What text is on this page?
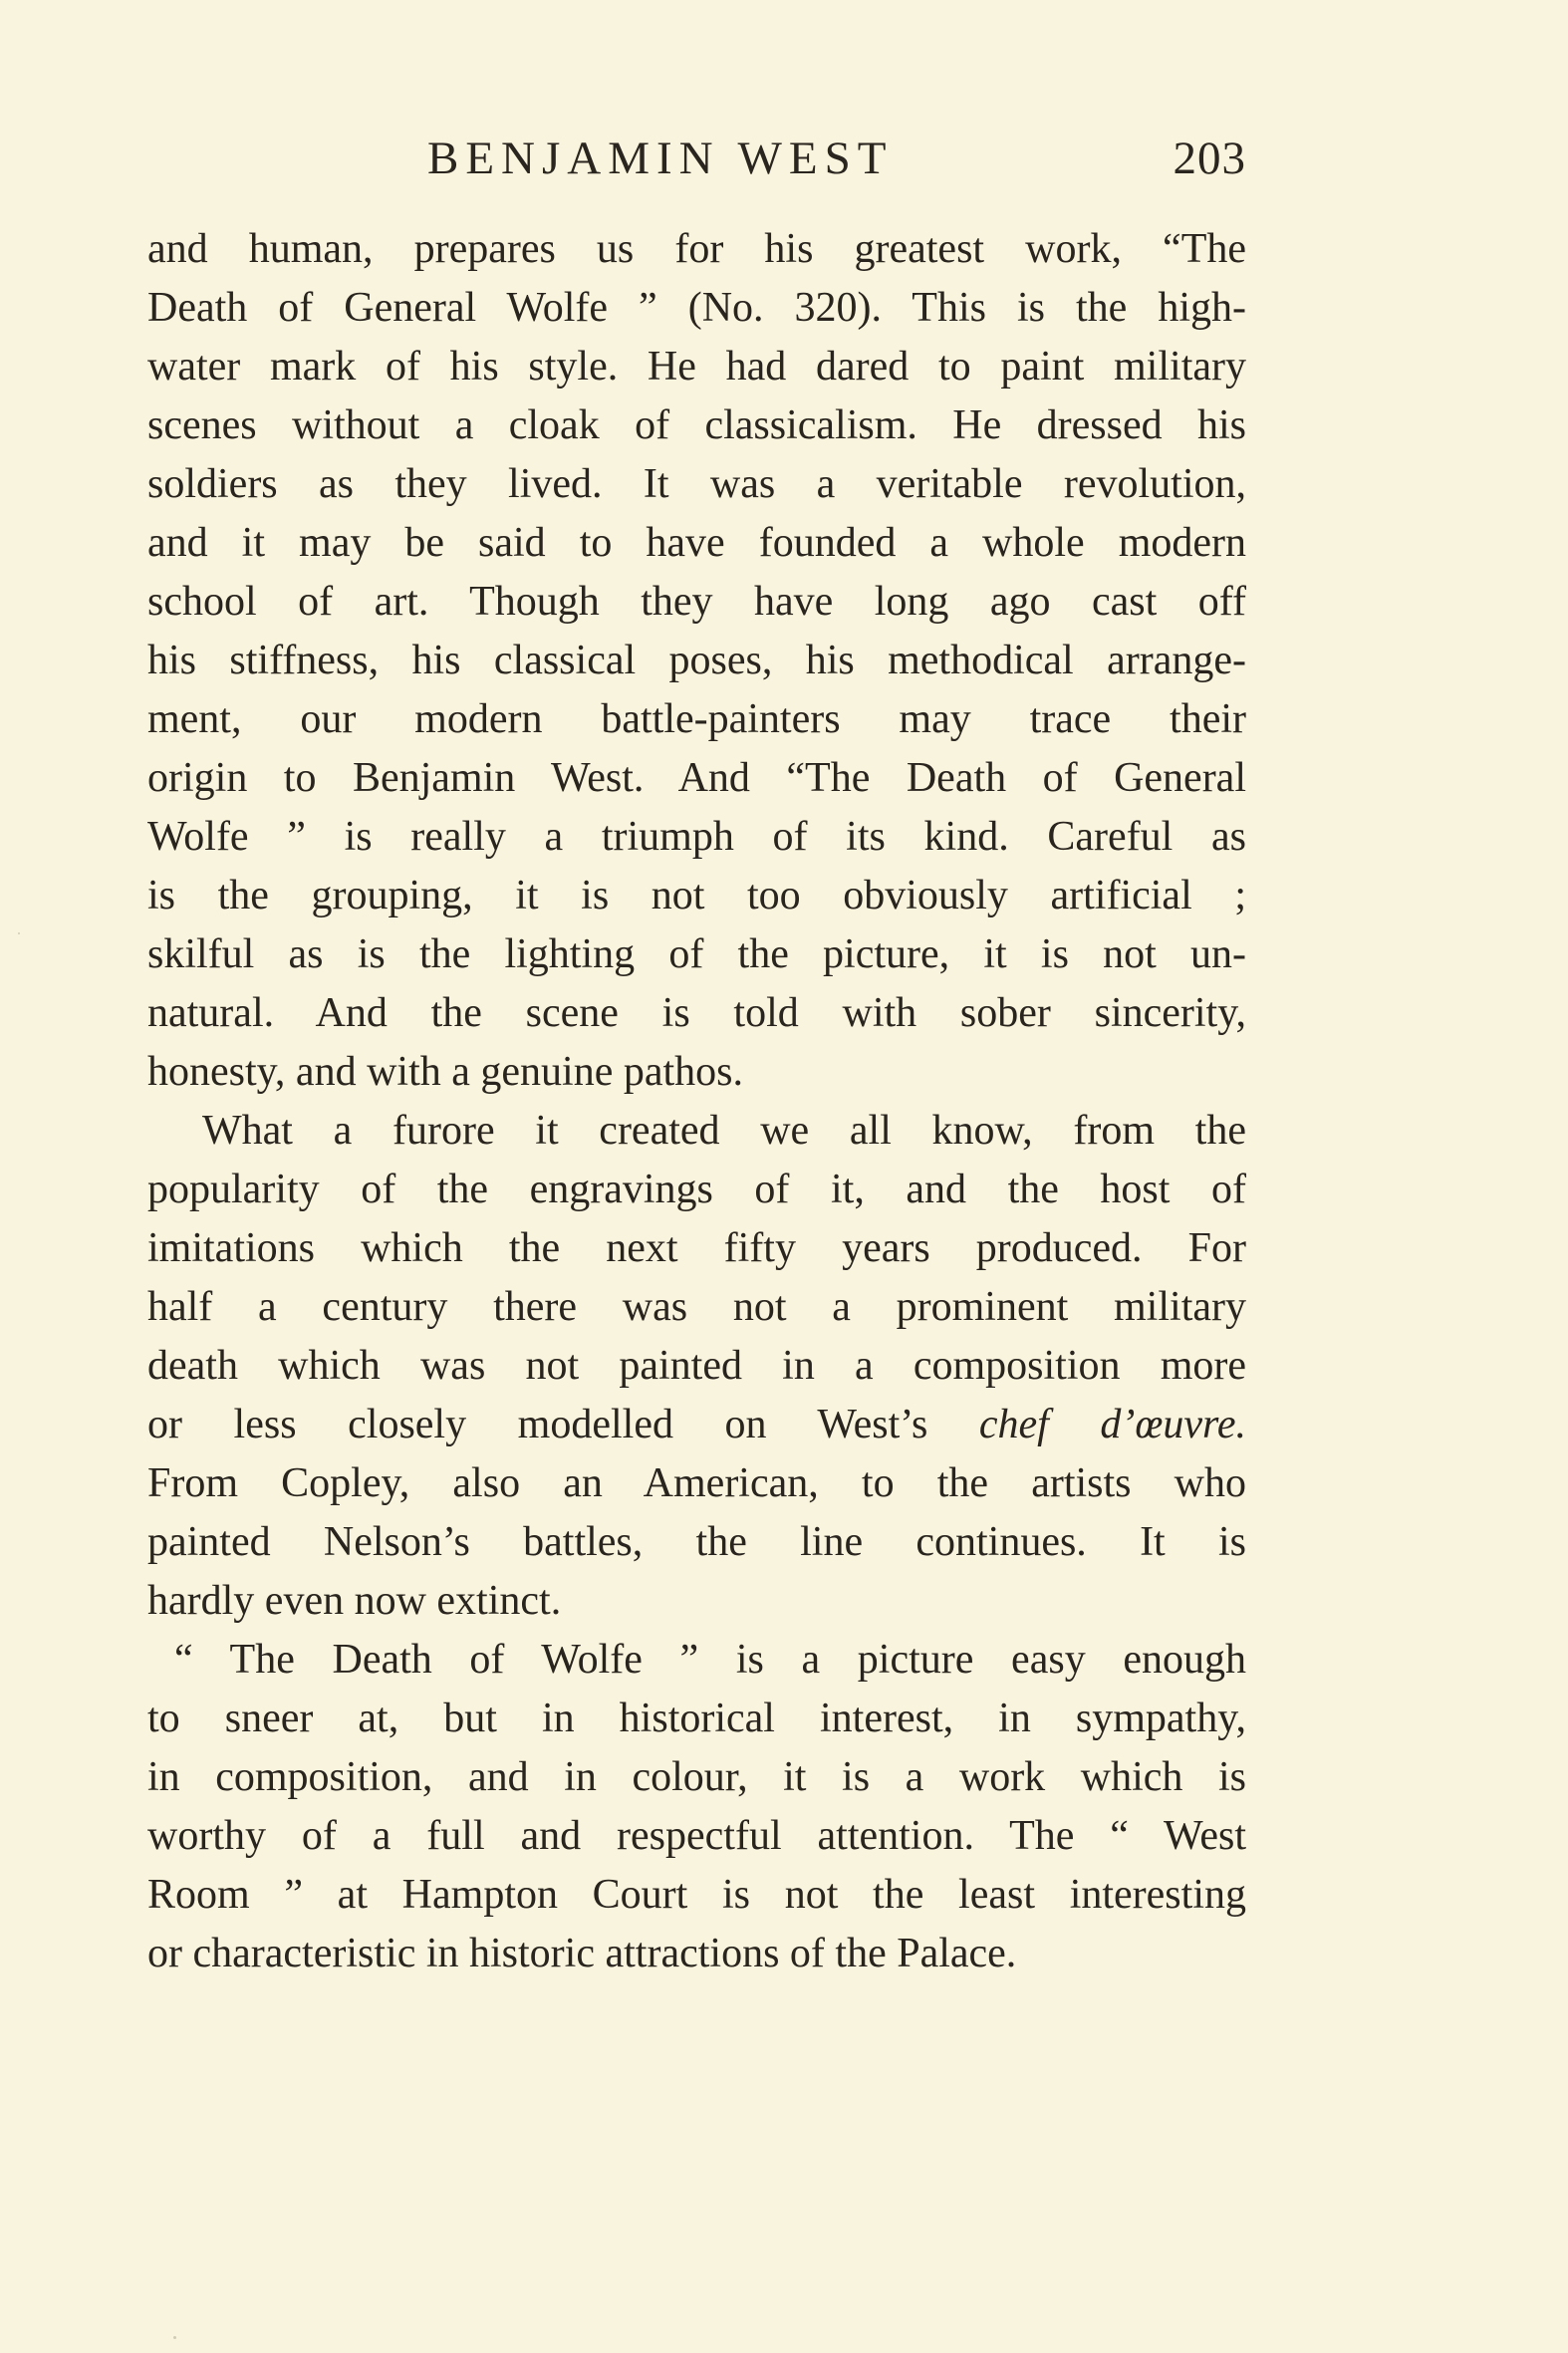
BENJAMIN WEST	203
and human, prepares us for his greatest work, “The
Death of General Wolfe ” (No. 320). This is the high-
water mark of his style. He had dared to paint military
scenes without a cloak of classicalism. He dressed his
soldiers as they lived. It was a veritable revolution,
and it may be said to have founded a whole modern
school of art. Though they have long ago cast off
his stiffness, his classical poses, his methodical arrange-
ment, our modern battle-painters may trace their
origin to Benjamin West. And “The Death of General
Wolfe ” is really a triumph of its kind. Careful as
is the grouping, it is not too obviously artificial ;
skilful as is the lighting of the picture, it is not un-
natural. And the scene is told with sober sincerity,
honesty, and with a genuine pathos.
What a furore it created we all know, from the
popularity of the engravings of it, and the host of
imitations which the next fifty years produced. For
half a century there was not a prominent military
death which was not painted in a composition more
or less closely modelled on West’s chef d’œuvre.
From Copley, also an American, to the artists who
painted Nelson’s battles, the line continues. It is
hardly even now extinct.
“ The Death of Wolfe ” is a picture easy enough
to sneer at, but in historical interest, in sympathy,
in composition, and in colour, it is a work which is
worthy of a full and respectful attention. The “ West
Room ” at Hampton Court is not the least interesting
or characteristic in historic attractions of the Palace.
